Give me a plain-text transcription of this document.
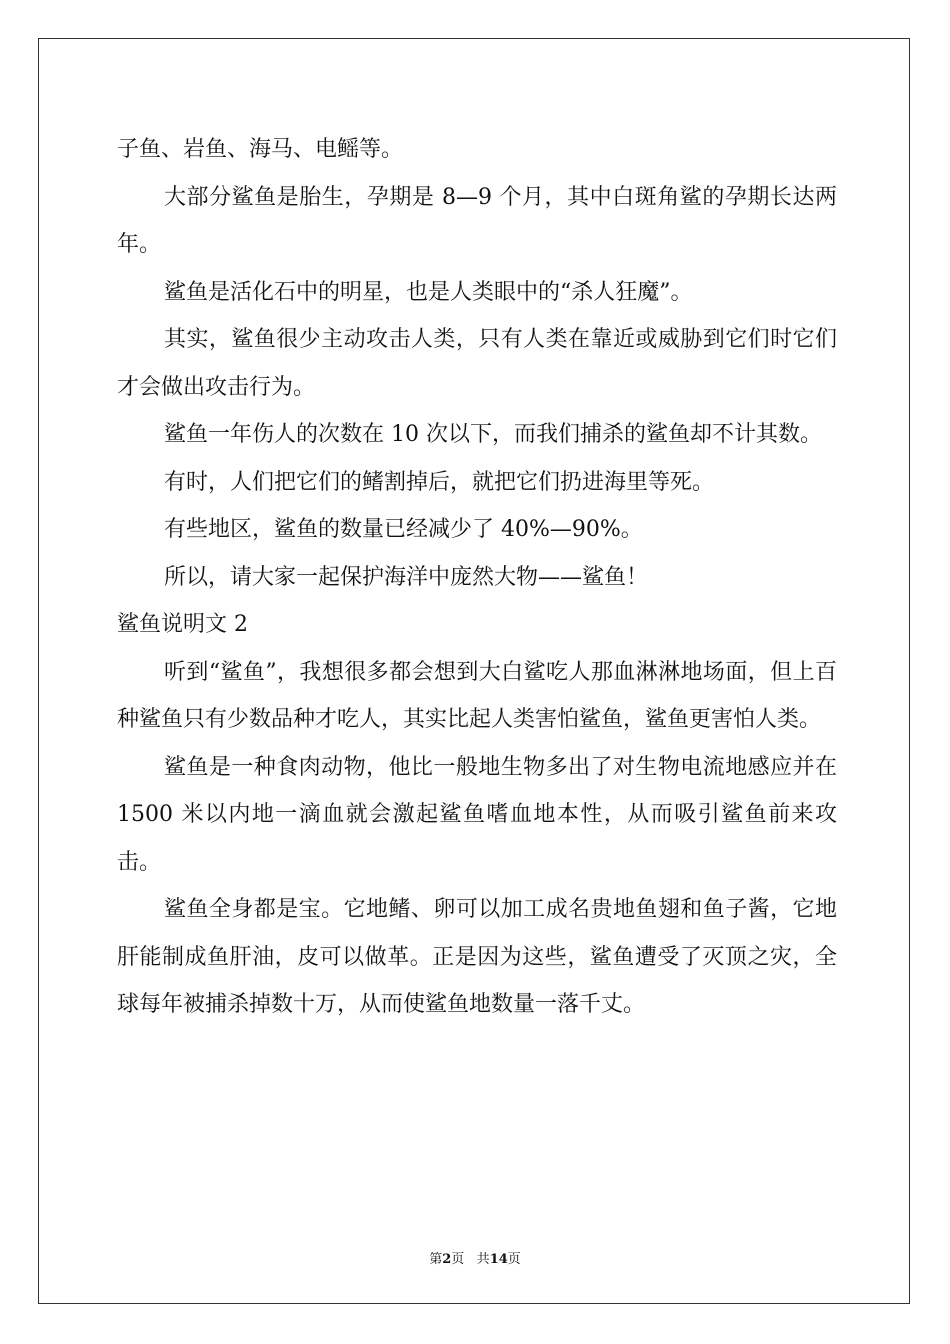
子鱼、岩鱼、海马、电鳐等。

大部分鲨鱼是胎生，孕期是 8—9 个月，其中白斑角鲨的孕期长达两年。

鲨鱼是活化石中的明星，也是人类眼中的“杀人狂魔”。

其实，鲨鱼很少主动攻击人类，只有人类在靠近或威胁到它们时它们才会做出攻击行为。

鲨鱼一年伤人的次数在 10 次以下，而我们捕杀的鲨鱼却不计其数。

有时，人们把它们的鳍割掉后，就把它们扔进海里等死。

有些地区，鲨鱼的数量已经减少了 40%—90%。

所以，请大家一起保护海洋中庞然大物——鲨鱼！

鲨鱼说明文 2

听到“鲨鱼”，我想很多都会想到大白鲨吃人那血淋淋地场面，但上百种鲨鱼只有少数品种才吃人，其实比起人类害怕鲨鱼，鲨鱼更害怕人类。

鲨鱼是一种食肉动物，他比一般地生物多出了对生物电流地感应并在 1500 米以内地一滴血就会激起鲨鱼嗜血地本性，从而吸引鲨鱼前来攻击。

鲨鱼全身都是宝。它地鳍、卵可以加工成名贵地鱼翅和鱼子酱，它地肝能制成鱼肝油，皮可以做革。正是因为这些，鲨鱼遭受了灭顶之灾，全球每年被捕杀掉数十万，从而使鲨鱼地数量一落千丈。

第2页 共14页
